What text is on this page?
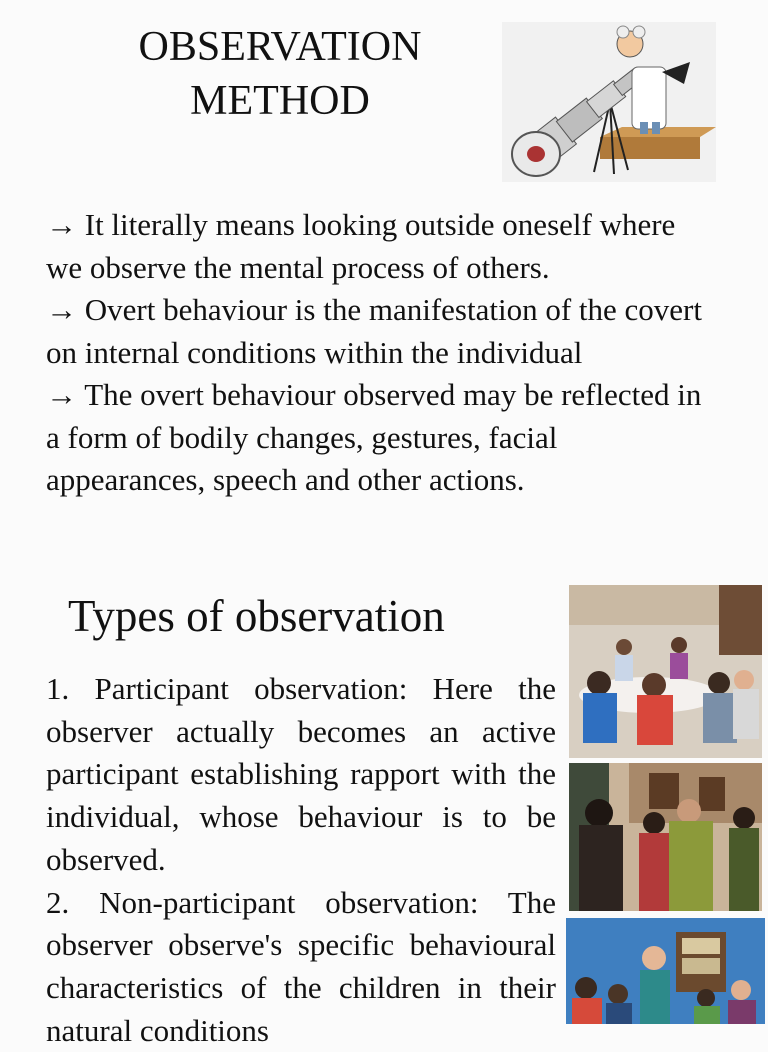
OBSERVATION
METHOD

→ It literally means looking outside oneself where we observe the mental process of others.

→ Overt behaviour is the manifestation of the covert on internal conditions within the individual

→ The overt behaviour observed may be reflected in a form of bodily changes, gestures, facial appearances, speech and other actions.

Types of observation

1. Participant observation: Here the observer actually becomes an active participant establishing rapport with the individual, whose behaviour is to be observed.

2. Non-participant observation: The observer observe's specific behavioural characteristics of the children in their natural conditions
